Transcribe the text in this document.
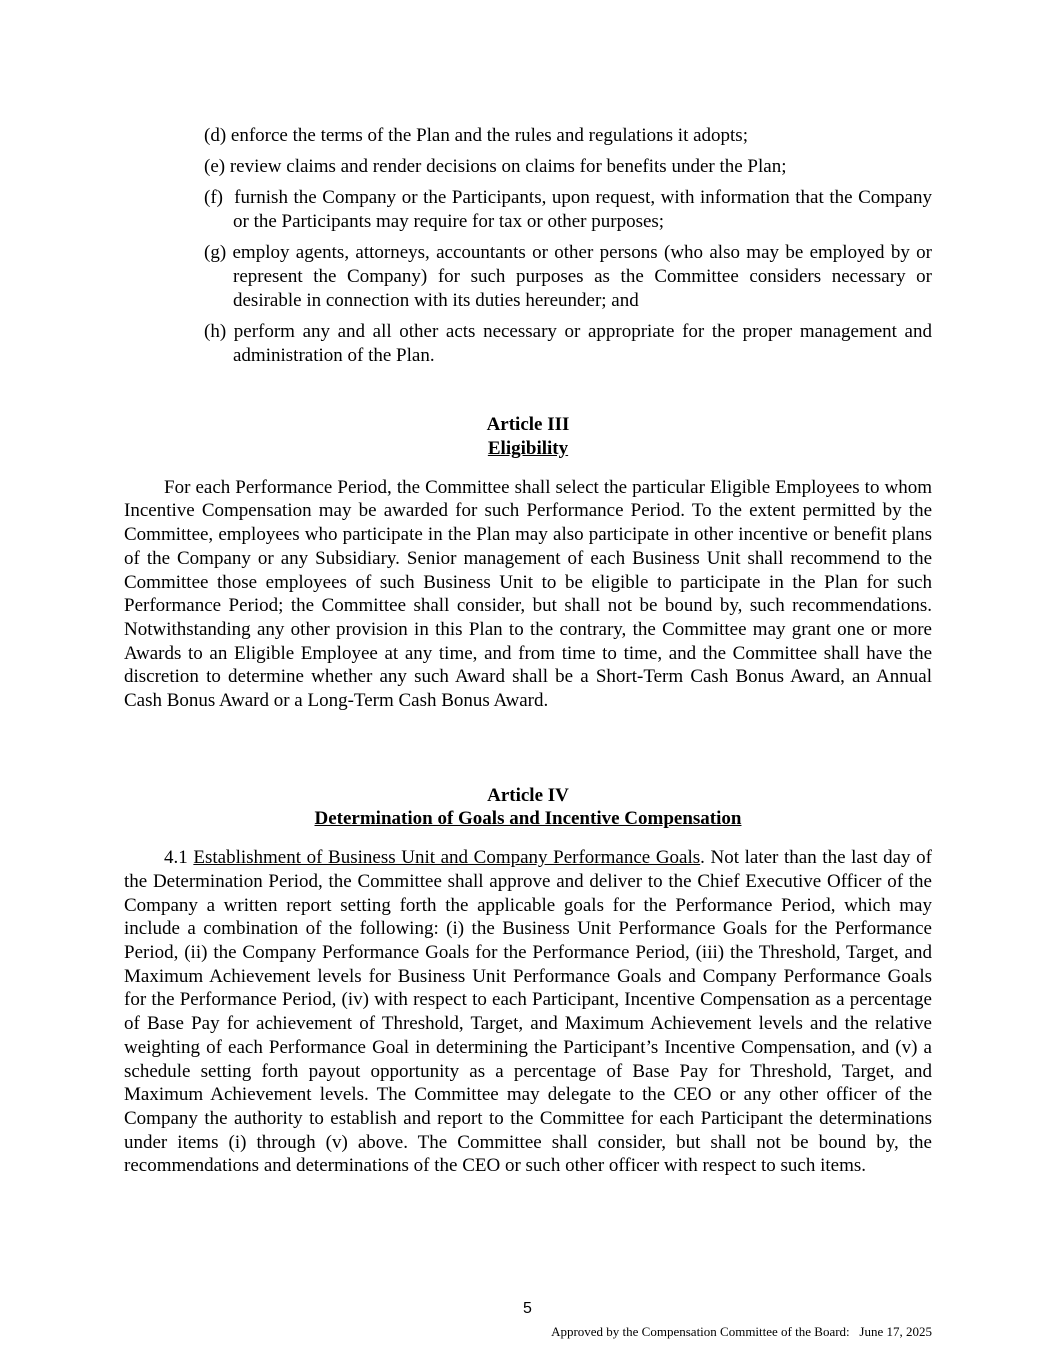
(d) enforce the terms of the Plan and the rules and regulations it adopts;
(e) review claims and render decisions on claims for benefits under the Plan;
(f)  furnish the Company or the Participants, upon request, with information that the Company or the Participants may require for tax or other purposes;
(g) employ agents, attorneys, accountants or other persons (who also may be employed by or represent the Company) for such purposes as the Committee considers necessary or desirable in connection with its duties hereunder; and
(h) perform any and all other acts necessary or appropriate for the proper management and administration of the Plan.
Article III
Eligibility

For each Performance Period, the Committee shall select the particular Eligible Employees to whom Incentive Compensation may be awarded for such Performance Period. To the extent permitted by the Committee, employees who participate in the Plan may also participate in other incentive or benefit plans of the Company or any Subsidiary. Senior management of each Business Unit shall recommend to the Committee those employees of such Business Unit to be eligible to participate in the Plan for such Performance Period; the Committee shall consider, but shall not be bound by, such recommendations. Notwithstanding any other provision in this Plan to the contrary, the Committee may grant one or more Awards to an Eligible Employee at any time, and from time to time, and the Committee shall have the discretion to determine whether any such Award shall be a Short-Term Cash Bonus Award, an Annual Cash Bonus Award or a Long-Term Cash Bonus Award.

Article IV
Determination of Goals and Incentive Compensation

4.1 Establishment of Business Unit and Company Performance Goals. Not later than the last day of the Determination Period, the Committee shall approve and deliver to the Chief Executive Officer of the Company a written report setting forth the applicable goals for the Performance Period, which may include a combination of the following: (i) the Business Unit Performance Goals for the Performance Period, (ii) the Company Performance Goals for the Performance Period, (iii) the Threshold, Target, and Maximum Achievement levels for Business Unit Performance Goals and Company Performance Goals for the Performance Period, (iv) with respect to each Participant, Incentive Compensation as a percentage of Base Pay for achievement of Threshold, Target, and Maximum Achievement levels and the relative weighting of each Performance Goal in determining the Participant’s Incentive Compensation, and (v) a schedule setting forth payout opportunity as a percentage of Base Pay for Threshold, Target, and Maximum Achievement levels. The Committee may delegate to the CEO or any other officer of the Company the authority to establish and report to the Committee for each Participant the determinations under items (i) through (v) above. The Committee shall consider, but shall not be bound by, the recommendations and determinations of the CEO or such other officer with respect to such items.

5
Approved by the Compensation Committee of the Board: June 17, 2025
